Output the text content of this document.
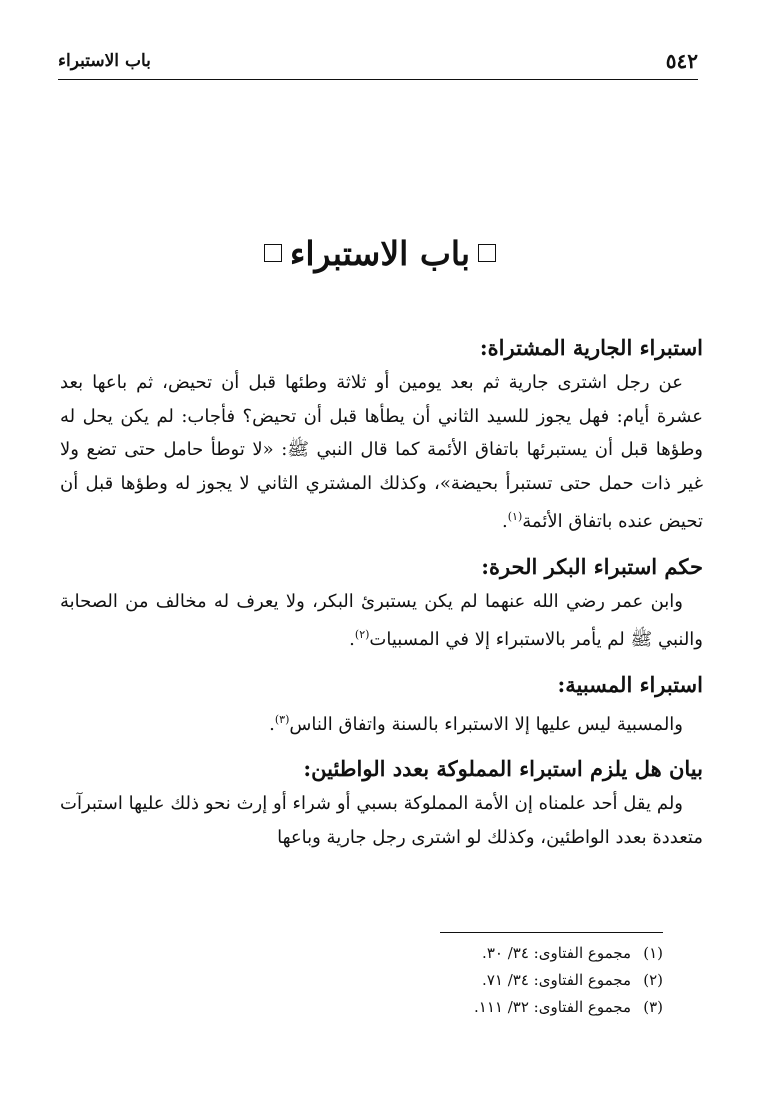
٥٤٢
باب الاستبراء
باب الاستبراء
استبراء الجارية المشتراة:
عن رجل اشترى جارية ثم بعد يومين أو ثلاثة وطئها قبل أن تحيض، ثم باعها بعد عشرة أيام: فهل يجوز للسيد الثاني أن يطأها قبل أن تحيض؟ فأجاب: لم يكن يحل له وطؤها قبل أن يستبرئها باتفاق الأئمة كما قال النبي ﷺ: «لا توطأ حامل حتى تضع ولا غير ذات حمل حتى تستبرأ بحيضة»، وكذلك المشتري الثاني لا يجوز له وطؤها قبل أن تحيض عنده باتفاق الأئمة$^{(١)}$.
حكم استبراء البكر الحرة:
وابن عمر رضي الله عنهما لم يكن يستبرئ البكر، ولا يعرف له مخالف من الصحابة والنبي ﷺ لم يأمر بالاستبراء إلا في المسبيات$^{(٢)}$.
استبراء المسبية:
والمسبية ليس عليها إلا الاستبراء بالسنة واتفاق الناس$^{(٣)}$.
بيان هل يلزم استبراء المملوكة بعدد الواطئين:
ولم يقل أحد علمناه إن الأمة المملوكة بسبي أو شراء أو إرث نحو ذلك عليها استبرآت متعددة بعدد الواطئين، وكذلك لو اشترى رجل جارية وباعها
(١)مجموع الفتاوى: ٣٤/ ٣٠.
(٢)مجموع الفتاوى: ٣٤/ ٧١.
(٣)مجموع الفتاوى: ٣٢/ ١١١.
